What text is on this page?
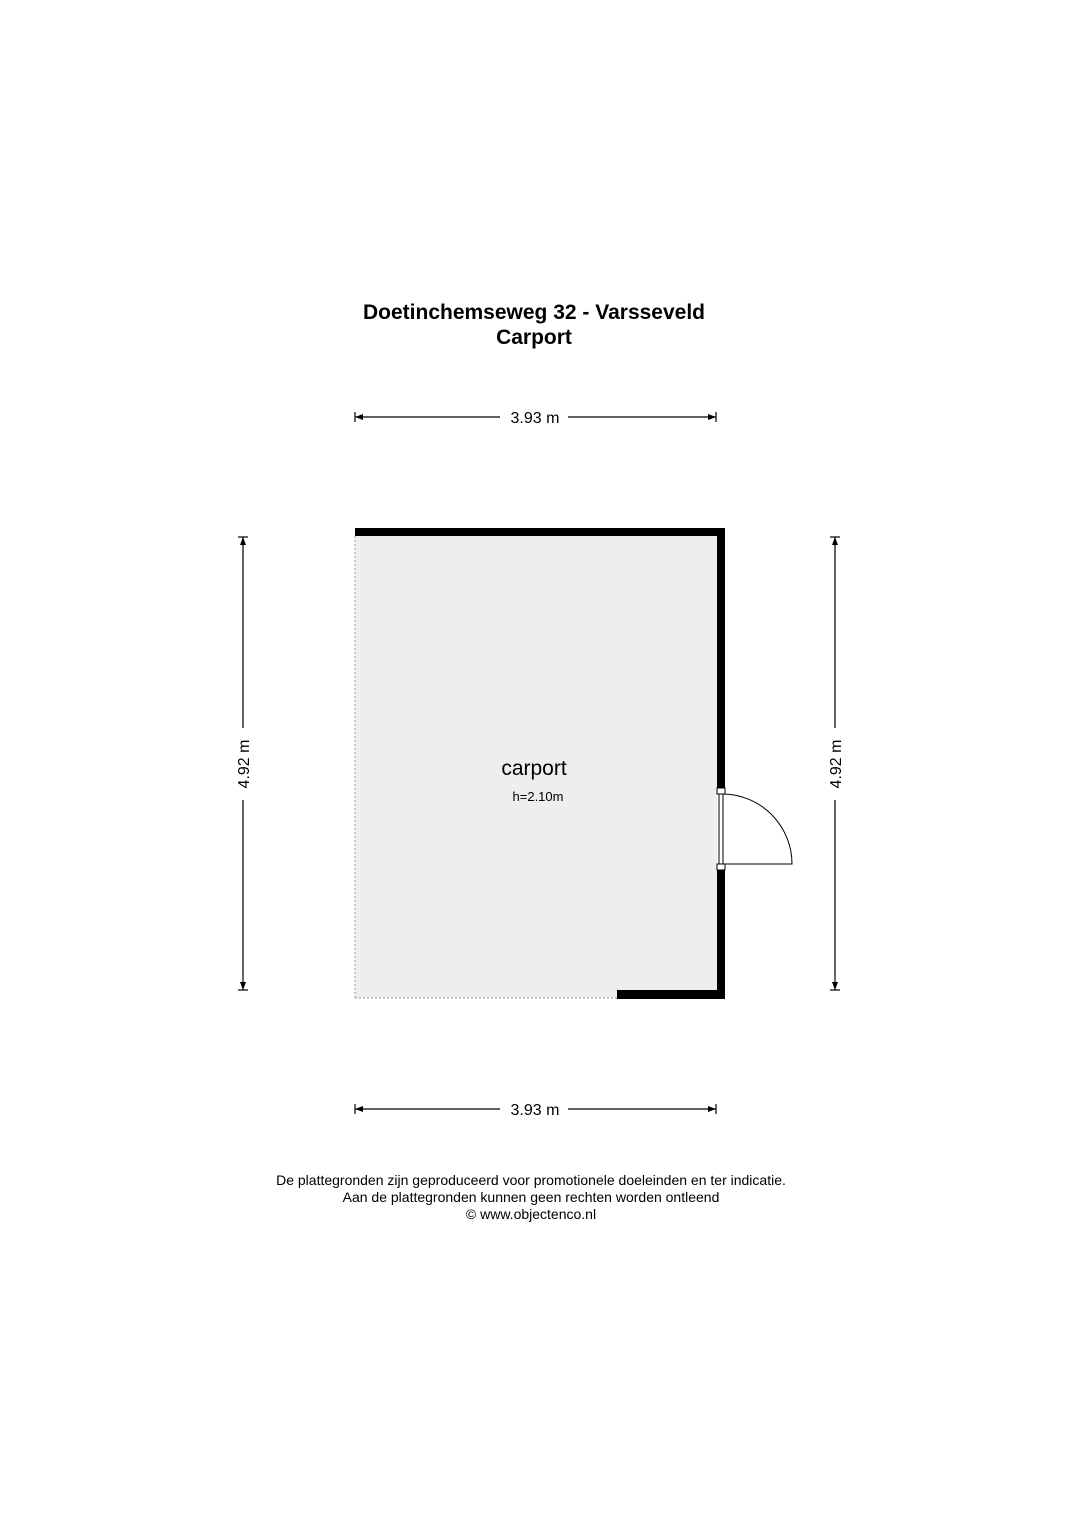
Doetinchemseweg 32 - Varsseveld
Carport
3.93 m
3.93 m
4.92 m	4.92 m
carport
h=2.10m
De plattegronden zijn geproduceerd voor promotionele doeleinden en ter indicatie.
Aan de plattegronden kunnen geen rechten worden ontleend
© www.objectenco.nl
